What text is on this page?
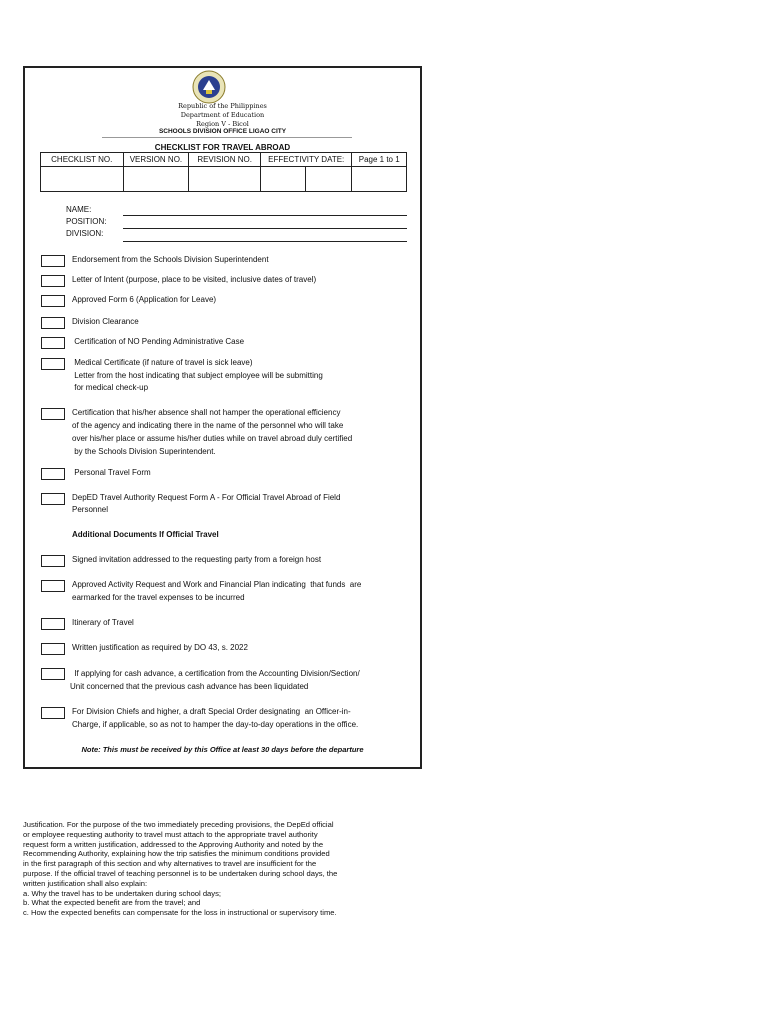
Republic of the Philippines
Department of Education
Region V - Bicol
SCHOOLS DIVISION OFFICE LIGAO CITY
CHECKLIST FOR TRAVEL ABROAD
CHECKLIST NO.	VERSION NO.	REVISION NO.	EFFECTIVITY DATE:		Page 1 to 1

NAME:
POSITION:
DIVISION:
Endorsement from the Schools Division Superintendent
Letter of Intent (purpose, place to be visited, inclusive dates of travel)
Approved Form 6 (Application for Leave)
Division Clearance
Certification of NO Pending Administrative Case
Medical Certificate (if nature of travel is sick leave)
Letter from the host indicating that subject employee will be submitting
for medical check-up
Certification that his/her absence shall not hamper the operational efficiency
of the agency and indicating there in the name of the personnel who will take
over his/her place or assume his/her duties while on travel abroad duly certified
by the Schools Division Superintendent.
Personal Travel Form
DepED Travel Authority Request Form A - For Official Travel Abroad of Field
Personnel
Additional Documents If Official Travel
Signed invitation addressed to the requesting party from a foreign host
Approved Activity Request and Work and Financial Plan indicating  that funds  are
earmarked for the travel expenses to be incurred
Itinerary of Travel
Written justification as required by DO 43, s. 2022
If applying for cash advance, a certification from the Accounting Division/Section/
Unit concerned that the previous cash advance has been liquidated
For Division Chiefs and higher, a draft Special Order designating  an Officer-in-
Charge, if applicable, so as not to hamper the day-to-day operations in the office.
Note: This must be received by this Office at least 30 days before the departure
Justification. For the purpose of the two immediately preceding provisions, the DepEd official
or employee requesting authority to travel must attach to the appropriate travel authority
request form a written justification, addressed to the Approving Authority and noted by the
Recommending Authority, explaining how the trip satisfies the minimum conditions provided
in the first paragraph of this section and why alternatives to travel are insufficient for the
purpose. If the official travel of teaching personnel is to be undertaken during school days, the
written justification shall also explain:
a. Why the travel has to be undertaken during school days;
b. What the expected benefit are from the travel; and
c. How the expected benefits can compensate for the loss in instructional or supervisory time.
